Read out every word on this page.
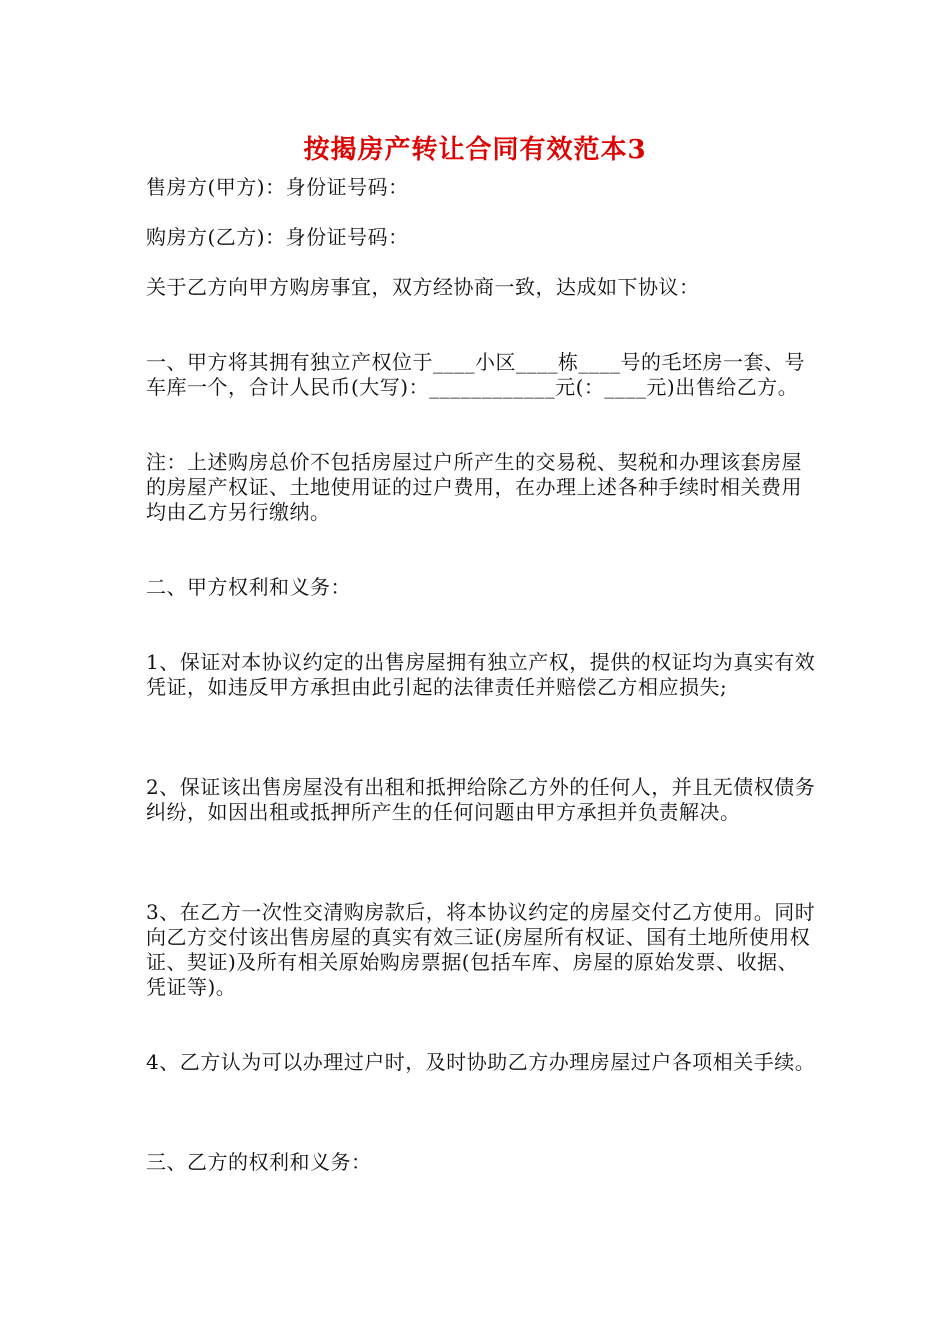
按揭房产转让合同有效范本3

售房方(甲方)：身份证号码：

购房方(乙方)：身份证号码：

关于乙方向甲方购房事宜，双方经协商一致，达成如下协议：

一、甲方将其拥有独立产权位于____小区____栋____号的毛坯房一套、号车库一个，合计人民币(大写)：____________元(：____元)出售给乙方。

注：上述购房总价不包括房屋过户所产生的交易税、契税和办理该套房屋的房屋产权证、土地使用证的过户费用，在办理上述各种手续时相关费用均由乙方另行缴纳。

二、甲方权利和义务：

1、保证对本协议约定的出售房屋拥有独立产权，提供的权证均为真实有效凭证，如违反甲方承担由此引起的法律责任并赔偿乙方相应损失;

2、保证该出售房屋没有出租和抵押给除乙方外的任何人，并且无债权债务纠纷，如因出租或抵押所产生的任何问题由甲方承担并负责解决。

3、在乙方一次性交清购房款后，将本协议约定的房屋交付乙方使用。同时向乙方交付该出售房屋的真实有效三证(房屋所有权证、国有土地所使用权证、契证)及所有相关原始购房票据(包括车库、房屋的原始发票、收据、凭证等)。

4、乙方认为可以办理过户时，及时协助乙方办理房屋过户各项相关手续。

三、乙方的权利和义务：
